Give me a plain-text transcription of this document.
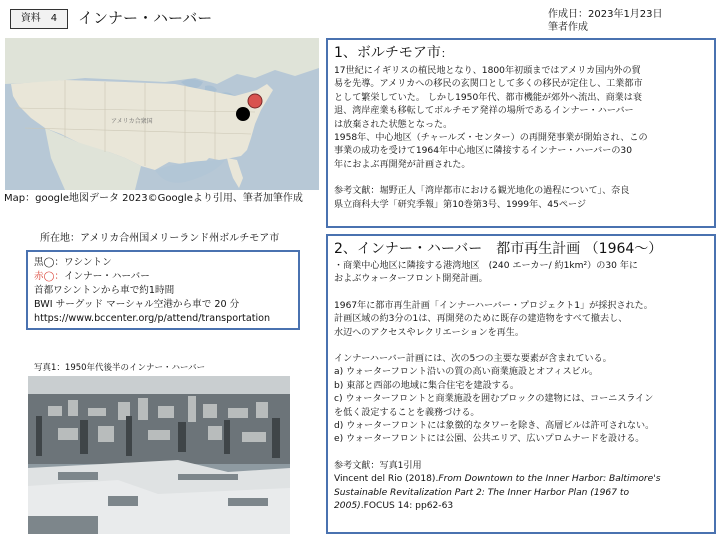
資料　4	インナー・ハーバー	作成日：2023年1月23日
筆者作成
アメリカ合衆国
Map：google地図データ 2023©Googleより引用、筆者加筆作成
所在地：アメリカ合州国メリーランド州ボルチモア市

黒◯：ワシントン

赤◯：インナー・ハーバー

首都ワシントンから車で約1時間

BWI サーグッド マーシャル空港から車で 20 分

https://www.bccenter.org/p/attend/transportation

写真1：1950年代後半のインナー・ハーバー
1、ボルチモア市：

17世紀にイギリスの植民地となり、1800年初頭まではアメリカ国内外の貿

易を先導。アメリカへの移民の玄関口として多くの移民が定住し、工業都市

として繁栄していた。 しかし1950年代、都市機能が郊外へ流出、商業は衰

退、湾岸産業も移転してボルチモア発祥の場所であるインナー・ハーバー

は放棄された状態となった。

1958年、中心地区（チャールズ・センター）の再開発事業が開始され、この

事業の成功を受けて1964年中心地区に隣接するインナー・ハーバーの30

年におよぶ再開発が計画された。

参考文献：堀野正人「湾岸都市における観光地化の過程について」、奈良

県立商科大学「研究季報」第10巻第3号、1999年、45ページ

2、インナー・ハーバー　都市再生計画 （1964〜）

・商業中心地区に隣接する港湾地区　(240 エーカー/ 約1km²）の30 年に

およぶウォーターフロント開発計画。

1967年に都市再生計画「インナーハーバー・プロジェクト1」が採択された。

計画区域の約3分の1は、再開発のために既存の建造物をすべて撤去し、

水辺へのアクセスやレクリエーションを再生。

インナーハーバー計画には、次の5つの主要な要素が含まれている。

a) ウォーターフロント沿いの質の高い商業施設とオフィスビル。

b) 東部と西部の地域に集合住宅を建設する。

c) ウォーターフロントと商業施設を囲むブロックの建物には、コーニスライン

を低く設定することを義務づける。

d) ウォーターフロントには象徴的なタワーを除き、高層ビルは許可されない。

e) ウォーターフロントには公園、公共エリア、広いプロムナードを設ける。

参考文献：写真1引用

Vincent del Rio (2018).From Downtown to the Inner Harbor: Baltimore's

Sustainable Revitalization Part 2: The Inner Harbor Plan (1967 to

2005).FOCUS 14: pp62-63
